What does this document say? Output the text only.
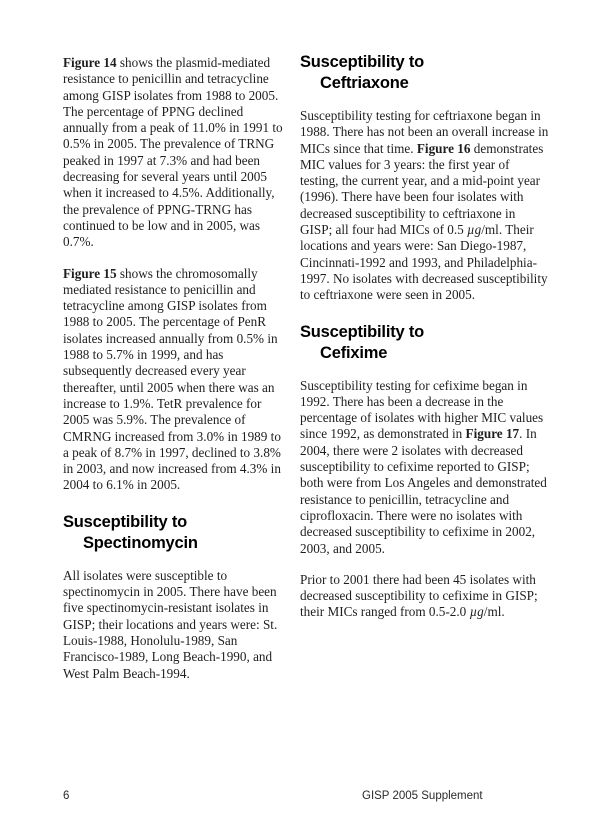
Figure 14 shows the plasmid-mediated resistance to penicillin and tetracycline among GISP isolates from 1988 to 2005. The percentage of PPNG declined annually from a peak of 11.0% in 1991 to 0.5% in 2005. The prevalence of TRNG peaked in 1997 at 7.3% and had been decreasing for several years until 2005 when it increased to 4.5%. Additionally, the prevalence of PPNG-TRNG has continued to be low and in 2005, was 0.7%.

Figure 15 shows the chromosomally mediated resistance to penicillin and tetracycline among GISP isolates from 1988 to 2005. The percentage of PenR isolates increased annually from 0.5% in 1988 to 5.7% in 1999, and has subsequently decreased every year thereafter, until 2005 when there was an increase to 1.9%. TetR prevalence for 2005 was 5.9%. The prevalence of CMRNG increased from 3.0% in 1989 to a peak of 8.7% in 1997, declined to 3.8% in 2003, and now increased from 4.3% in 2004 to 6.1% in 2005.

Susceptibility to
Spectinomycin

All isolates were susceptible to spectinomycin in 2005. There have been five spectinomycin-resistant isolates in GISP; their locations and years were: St. Louis-1988, Honolulu-1989, San Francisco-1989, Long Beach-1990, and West Palm Beach-1994.

Susceptibility to
Ceftriaxone

Susceptibility testing for ceftriaxone began in 1988. There has not been an overall increase in MICs since that time. Figure 16 demonstrates MIC values for 3 years: the first year of testing, the current year, and a mid-point year (1996). There have been four isolates with decreased susceptibility to ceftriaxone in GISP; all four had MICs of 0.5 µg/ml. Their locations and years were: San Diego-1987, Cincinnati-1992 and 1993, and Philadelphia-1997. No isolates with decreased susceptibility to ceftriaxone were seen in 2005.

Susceptibility to
Cefixime

Susceptibility testing for cefixime began in 1992. There has been a decrease in the percentage of isolates with higher MIC values since 1992, as demonstrated in Figure 17. In 2004, there were 2 isolates with decreased susceptibility to cefixime reported to GISP; both were from Los Angeles and demonstrated resistance to penicillin, tetracycline and ciprofloxacin. There were no isolates with decreased susceptibility to cefixime in 2002, 2003, and 2005.

Prior to 2001 there had been 45 isolates with decreased susceptibility to cefixime in GISP; their MICs ranged from 0.5-2.0 µg/ml.

6	GISP 2005 Supplement
